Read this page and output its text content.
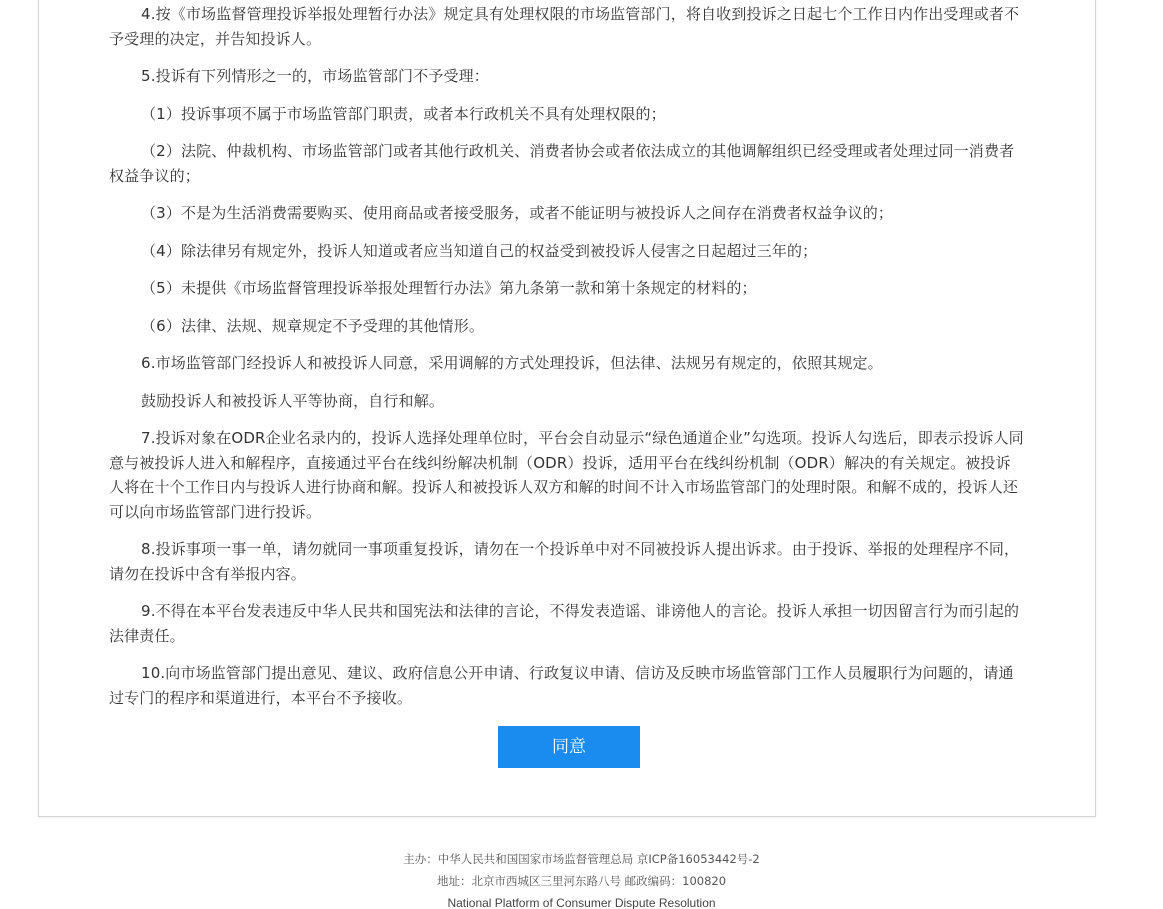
4.按《市场监督管理投诉举报处理暂行办法》规定具有处理权限的市场监管部门，将自收到投诉之日起七个工作日内作出受理或者不予受理的决定，并告知投诉人。

5.投诉有下列情形之一的，市场监管部门不予受理：

（1）投诉事项不属于市场监管部门职责，或者本行政机关不具有处理权限的；

（2）法院、仲裁机构、市场监管部门或者其他行政机关、消费者协会或者依法成立的其他调解组织已经受理或者处理过同一消费者权益争议的；

（3）不是为生活消费需要购买、使用商品或者接受服务，或者不能证明与被投诉人之间存在消费者权益争议的；

（4）除法律另有规定外，投诉人知道或者应当知道自己的权益受到被投诉人侵害之日起超过三年的；

（5）未提供《市场监督管理投诉举报处理暂行办法》第九条第一款和第十条规定的材料的；

（6）法律、法规、规章规定不予受理的其他情形。

6.市场监管部门经投诉人和被投诉人同意，采用调解的方式处理投诉，但法律、法规另有规定的，依照其规定。

鼓励投诉人和被投诉人平等协商，自行和解。

7.投诉对象在ODR企业名录内的，投诉人选择处理单位时，平台会自动显示“绿色通道企业”勾选项。投诉人勾选后，即表示投诉人同意与被投诉人进入和解程序，直接通过平台在线纠纷解决机制（ODR）投诉，适用平台在线纠纷机制（ODR）解决的有关规定。被投诉人将在十个工作日内与投诉人进行协商和解。投诉人和被投诉人双方和解的时间不计入市场监管部门的处理时限。和解不成的，投诉人还可以向市场监管部门进行投诉。

8.投诉事项一事一单，请勿就同一事项重复投诉，请勿在一个投诉单中对不同被投诉人提出诉求。由于投诉、举报的处理程序不同，请勿在投诉中含有举报内容。

9.不得在本平台发表违反中华人民共和国宪法和法律的言论，不得发表造谣、诽谤他人的言论。投诉人承担一切因留言行为而引起的法律责任。

10.向市场监管部门提出意见、建议、政府信息公开申请、行政复议申请、信访及反映市场监管部门工作人员履职行为问题的，请通过专门的程序和渠道进行，本平台不予接收。

同意
主办：中华人民共和国国家市场监督管理总局 京ICP备16053442号-2
地址：北京市西城区三里河东路八号 邮政编码：100820
National Platform of Consumer Dispute Resolution
